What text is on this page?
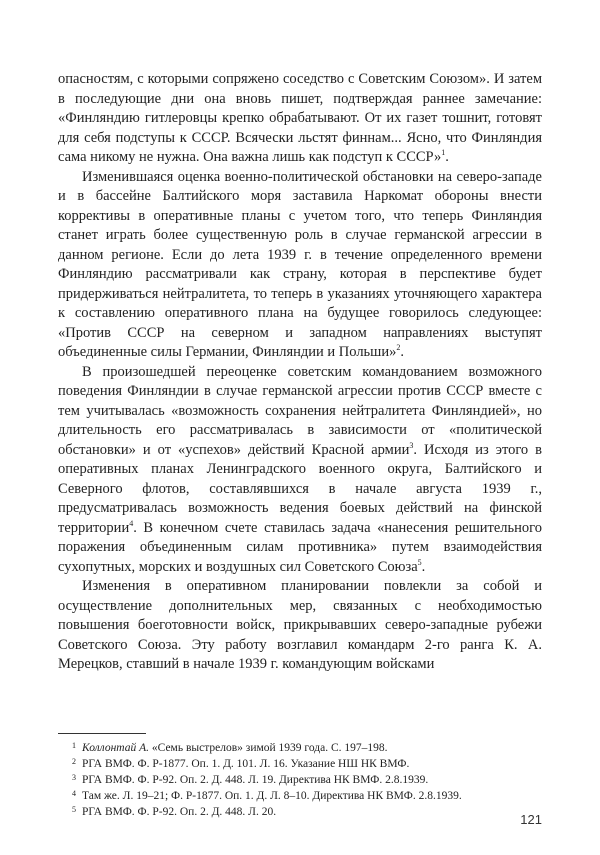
опасностям, с которыми сопряжено соседство с Советским Союзом». И затем в последующие дни она вновь пишет, подтверждая раннее замечание: «Финляндию гитлеровцы крепко обрабатывают. От их газет тошнит, готовят для себя подступы к СССР. Всячески льстят финнам... Ясно, что Финляндия сама никому не нужна. Она важна лишь как подступ к СССР»$^1$.

Изменившаяся оценка военно-политической обстановки на северо-западе и в бассейне Балтийского моря заставила Наркомат обороны внести коррективы в оперативные планы с учетом того, что теперь Финляндия станет играть более существенную роль в случае германской агрессии в данном регионе. Если до лета 1939 г. в течение определенного времени Финляндию рассматривали как страну, которая в перспективе будет придерживаться нейтралитета, то теперь в указаниях уточняющего характера к составлению оперативного плана на будущее говорилось следующее: «Против СССР на северном и западном направлениях выступят объединенные силы Германии, Финляндии и Польши»$^2$.

В произошедшей переоценке советским командованием возможного поведения Финляндии в случае германской агрессии против СССР вместе с тем учитывалась «возможность сохранения нейтралитета Финляндией», но длительность его рассматривалась в зависимости от «политической обстановки» и от «успехов» действий Красной армии$^3$. Исходя из этого в оперативных планах Ленинградского военного округа, Балтийского и Северного флотов, составлявшихся в начале августа 1939 г., предусматривалась возможность ведения боевых действий на финской территории$^4$. В конечном счете ставилась задача «нанесения решительного поражения объединенным силам противника» путем взаимодействия сухопутных, морских и воздушных сил Советского Союза$^5$.

Изменения в оперативном планировании повлекли за собой и осуществление дополнительных мер, связанных с необходимостью повышения боеготовности войск, прикрывавших северо-западные рубежи Советского Союза. Эту работу возглавил командарм 2-го ранга К. А. Мерецков, ставший в начале 1939 г. командующим войсками

1 Коллонтай А. «Семь выстрелов» зимой 1939 года. С. 197–198.
2 РГА ВМФ. Ф. Р-1877. Оп. 1. Д. 101. Л. 16. Указание НШ НК ВМФ.
3 РГА ВМФ. Ф. Р-92. Оп. 2. Д. 448. Л. 19. Директива НК ВМФ. 2.8.1939.
4 Там же. Л. 19–21; Ф. Р-1877. Оп. 1. Д. Л. 8–10. Директива НК ВМФ. 2.8.1939.
5 РГА ВМФ. Ф. Р-92. Оп. 2. Д. 448. Л. 20.	121
